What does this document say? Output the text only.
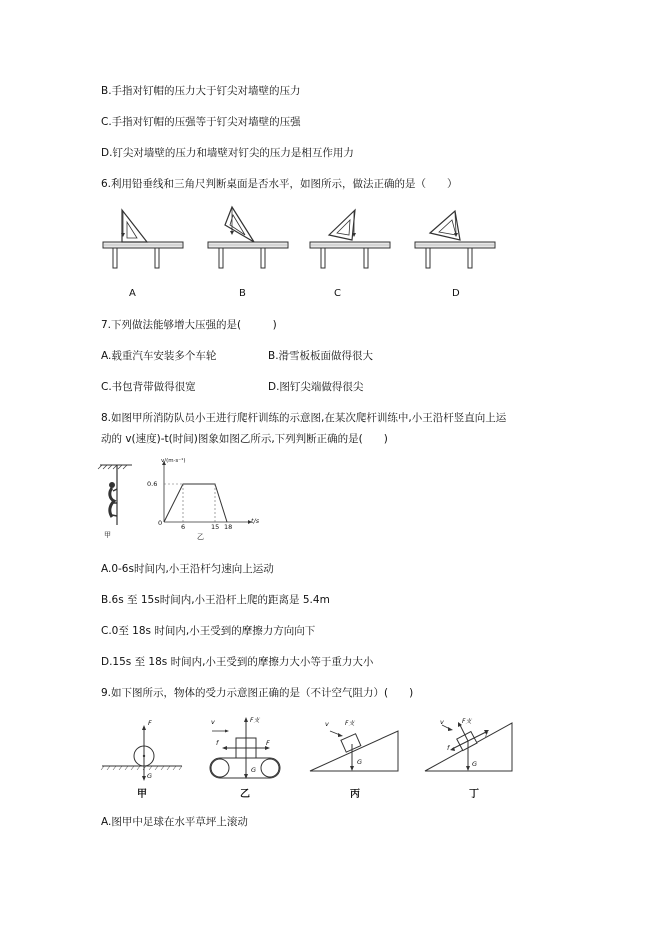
B.手指对钉帽的压力大于钉尖对墙壁的压力
C.手指对钉帽的压强等于钉尖对墙壁的压强
D.钉尖对墙壁的压力和墙壁对钉尖的压力是相互作用力
6.利用铅垂线和三角尺判断桌面是否水平，如图所示，做法正确的是（　　）
A	B	C	D
7.下列做法能够增大压强的是(　　　)
A.载重汽车安装多个车轮	B.滑雪板板面做得很大
C.书包背带做得很宽	D.图钉尖端做得很尖
8.如图甲所消防队员小王进行爬杆训练的示意图,在某次爬杆训练中,小王沿杆竖直向上运
动的 v(速度)-t(时间)图象如图乙所示,下列判断正确的是(　　)
v/(m·s⁻¹)
t/s
0.6
0	6	15 18
甲	乙
A.0-6s时间内,小王沿杆匀速向上运动
B.6s 至 15s时间内,小王沿杆上爬的距离是 5.4m
C.0至 18s 时间内,小王受到的摩擦力方向向下
D.15s 至 18s 时间内,小王受到的摩擦力大小等于重力大小
9.如下图所示，物体的受力示意图正确的是（不计空气阻力）(　　)
F
G
v	F支
f	F
G
v	F支
G
v	F支
f
f
G
甲	乙	丙	丁
A.图甲中足球在水平草坪上滚动
